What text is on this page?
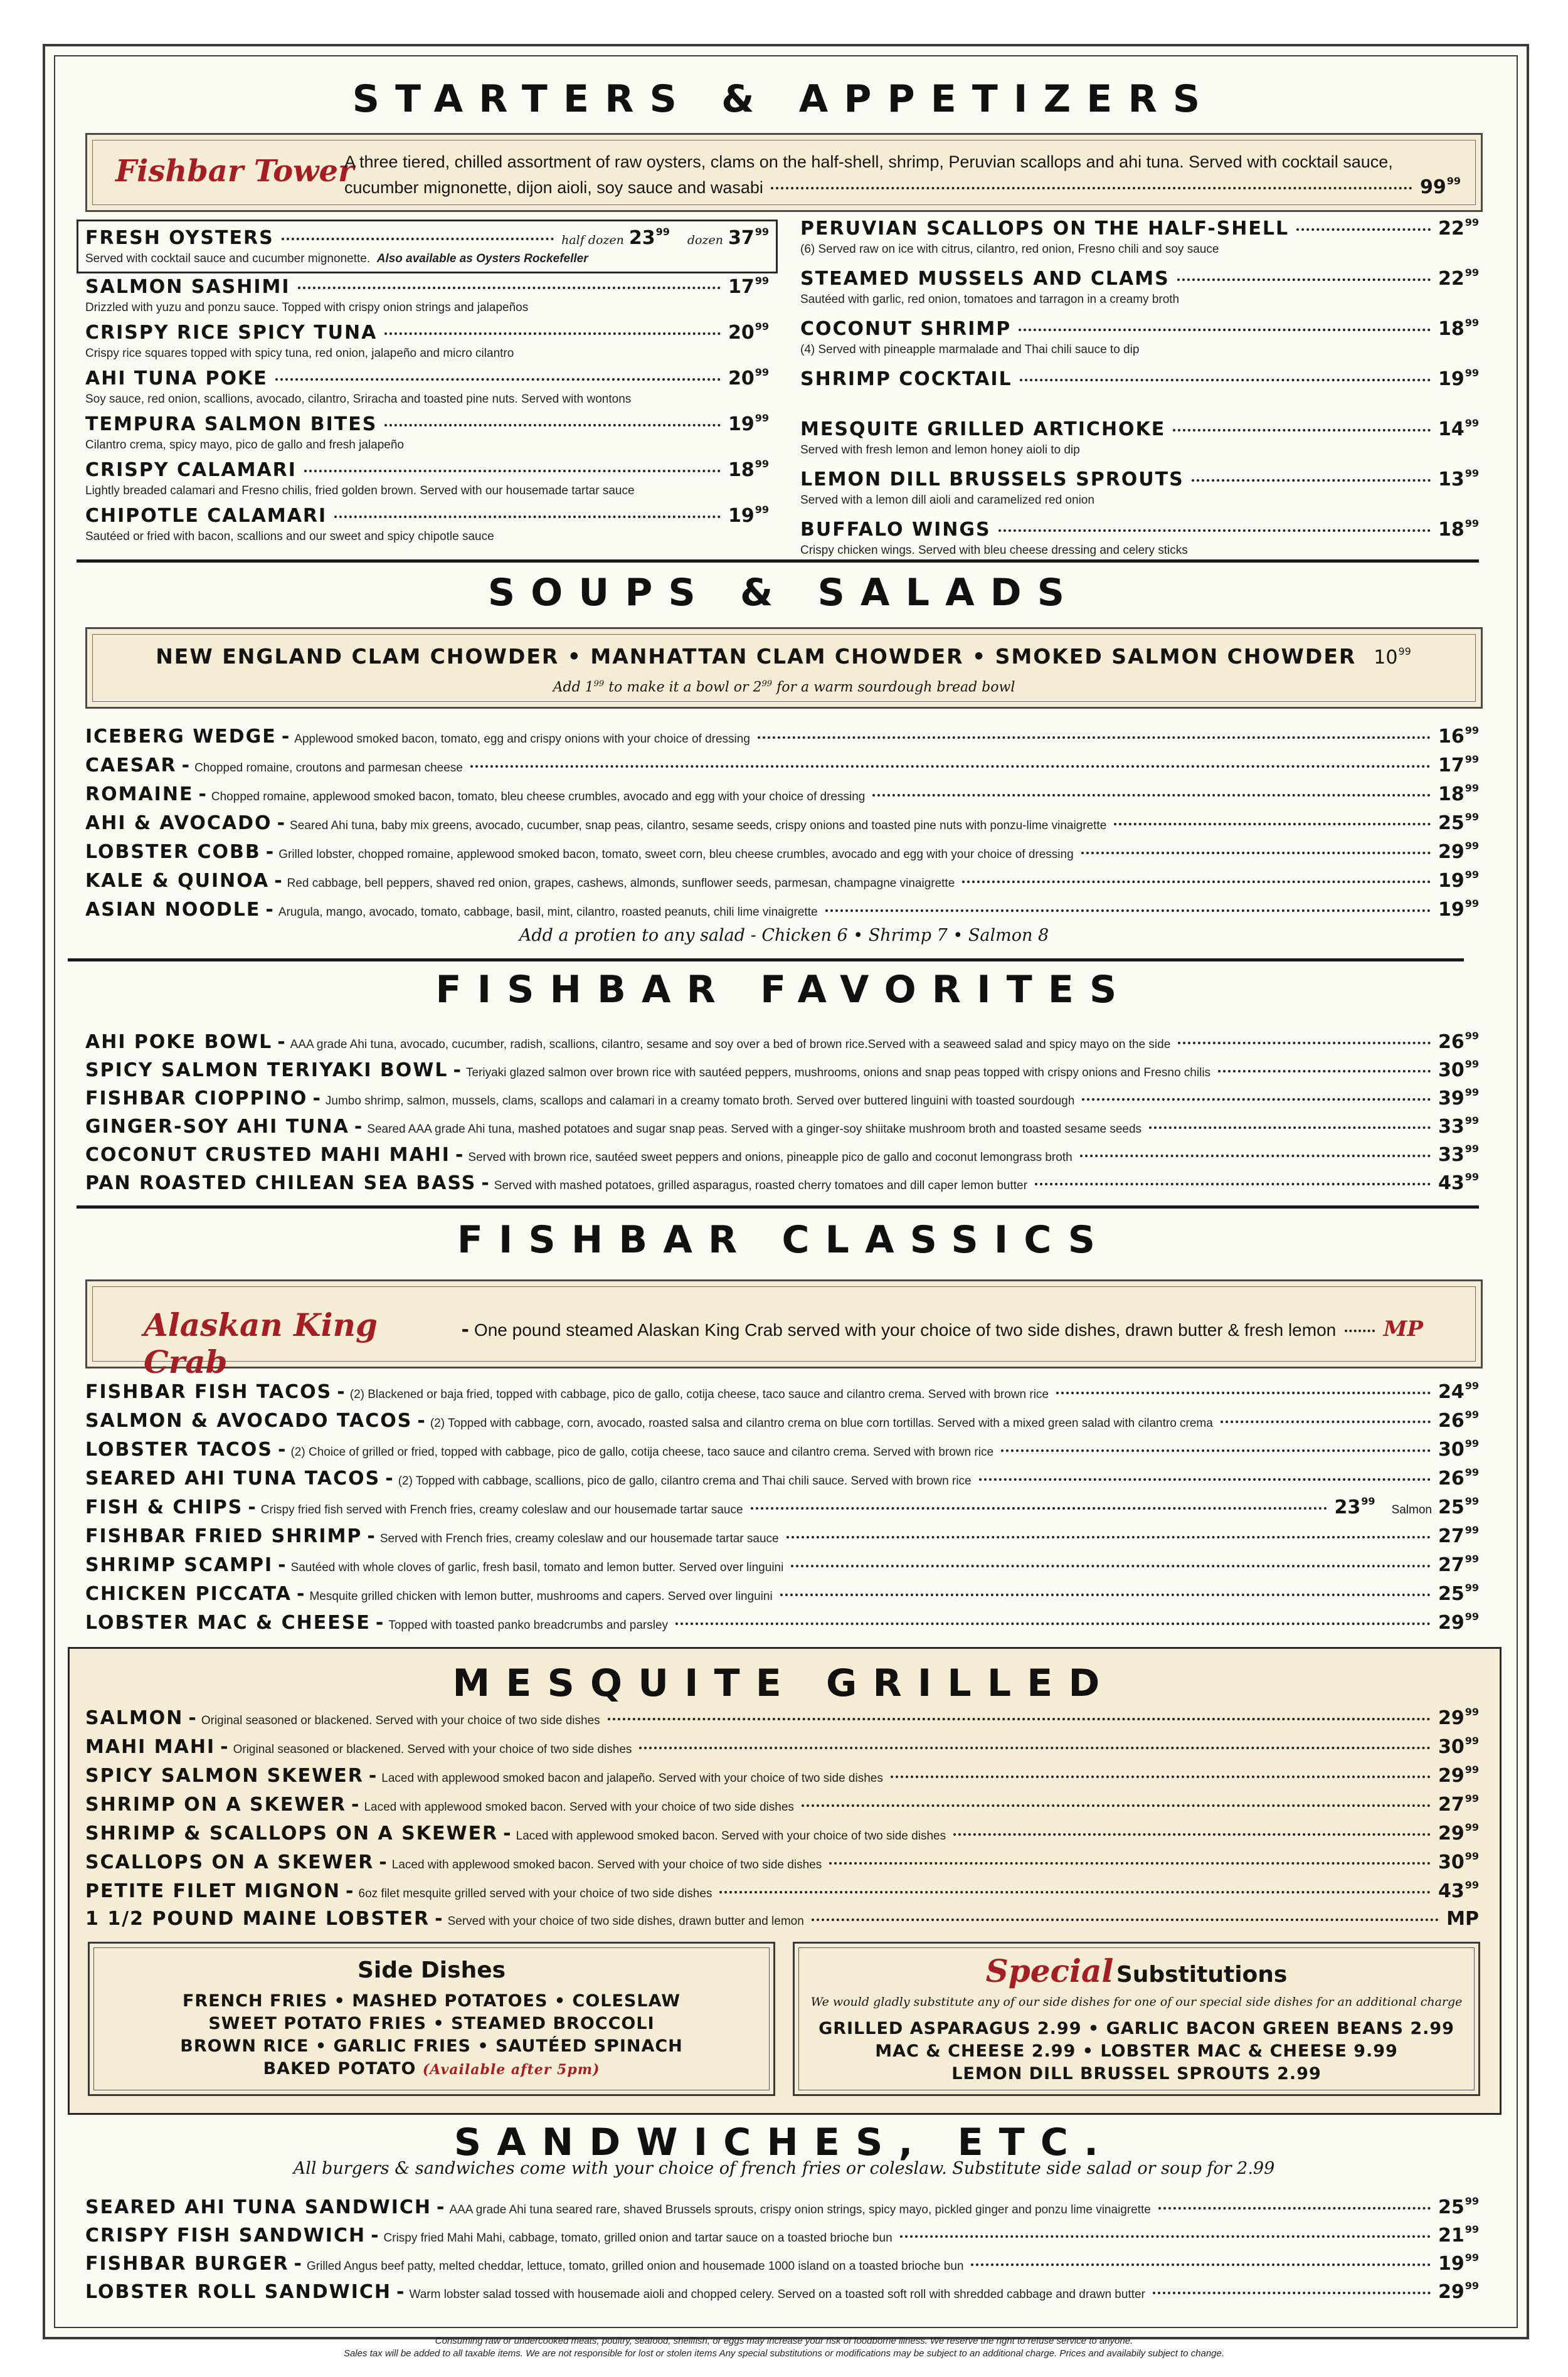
STARTERS & APPETIZERS
Fishbar Tower
A three tiered, chilled assortment of raw oysters, clams on the half-shell, shrimp, Peruvian scallops and ahi tuna. Served with cocktail sauce,
cucumber mignonette, dijon aioli, soy sauce and wasabi	$99^{99}$
FRESH OYSTERS	half dozen $23^{99}$
dozen $37^{99}$
Served with cocktail sauce and cucumber mignonette. Also available as Oysters Rockefeller
SALMON SASHIMI	$17^{99}$
Drizzled with yuzu and ponzu sauce. Topped with crispy onion strings and jalapeños
CRISPY RICE SPICY TUNA	$20^{99}$
Crispy rice squares topped with spicy tuna, red onion, jalapeño and micro cilantro
AHI TUNA POKE	$20^{99}$
Soy sauce, red onion, scallions, avocado, cilantro, Sriracha and toasted pine nuts. Served with wontons
TEMPURA SALMON BITES	$19^{99}$
Cilantro crema, spicy mayo, pico de gallo and fresh jalapeño
CRISPY CALAMARI	$18^{99}$
Lightly breaded calamari and Fresno chilis, fried golden brown. Served with our housemade tartar sauce
CHIPOTLE CALAMARI	$19^{99}$
Sautéed or fried with bacon, scallions and our sweet and spicy chipotle sauce
PERUVIAN SCALLOPS ON THE HALF-SHELL	$22^{99}$
(6) Served raw on ice with citrus, cilantro, red onion, Fresno chili and soy sauce
STEAMED MUSSELS AND CLAMS	$22^{99}$
Sautéed with garlic, red onion, tomatoes and tarragon in a creamy broth
COCONUT SHRIMP	$18^{99}$
(4) Served with pineapple marmalade and Thai chili sauce to dip
SHRIMP COCKTAIL	$19^{99}$
MESQUITE GRILLED ARTICHOKE	$14^{99}$
Served with fresh lemon and lemon honey aioli to dip
LEMON DILL BRUSSELS SPROUTS	$13^{99}$
Served with a lemon dill aioli and caramelized red onion
BUFFALO WINGS	$18^{99}$
Crispy chicken wings. Served with bleu cheese dressing and celery sticks
SOUPS & SALADS
NEW ENGLAND CLAM CHOWDER • MANHATTAN CLAM CHOWDER • SMOKED SALMON CHOWDER $10^{99}$
Add $1^{99}$ to make it a bowl or $2^{99}$ for a warm sourdough bread bowl
ICEBERG WEDGE - Applewood smoked bacon, tomato, egg and crispy onions with your choice of dressing	$16^{99}$
CAESAR - Chopped romaine, croutons and parmesan cheese	$17^{99}$
ROMAINE - Chopped romaine, applewood smoked bacon, tomato, bleu cheese crumbles, avocado and egg with your choice of dressing	$18^{99}$
AHI & AVOCADO - Seared Ahi tuna, baby mix greens, avocado, cucumber, snap peas, cilantro, sesame seeds, crispy onions and toasted pine nuts with ponzu-lime vinaigrette	$25^{99}$
LOBSTER COBB - Grilled lobster, chopped romaine, applewood smoked bacon, tomato, sweet corn, bleu cheese crumbles, avocado and egg with your choice of dressing	$29^{99}$
KALE & QUINOA - Red cabbage, bell peppers, shaved red onion, grapes, cashews, almonds, sunflower seeds, parmesan, champagne vinaigrette	$19^{99}$
ASIAN NOODLE - Arugula, mango, avocado, tomato, cabbage, basil, mint, cilantro, roasted peanuts, chili lime vinaigrette	$19^{99}$
Add a protien to any salad - Chicken 6 • Shrimp 7 • Salmon 8
FISHBAR FAVORITES
AHI POKE BOWL - AAA grade Ahi tuna, avocado, cucumber, radish, scallions, cilantro, sesame and soy over a bed of brown rice.Served with a seaweed salad and spicy mayo on the side	$26^{99}$
SPICY SALMON TERIYAKI BOWL - Teriyaki glazed salmon over brown rice with sautéed peppers, mushrooms, onions and snap peas topped with crispy onions and Fresno chilis	$30^{99}$
FISHBAR CIOPPINO - Jumbo shrimp, salmon, mussels, clams, scallops and calamari in a creamy tomato broth. Served over buttered linguini with toasted sourdough	$39^{99}$
GINGER-SOY AHI TUNA - Seared AAA grade Ahi tuna, mashed potatoes and sugar snap peas. Served with a ginger-soy shiitake mushroom broth and toasted sesame seeds	$33^{99}$
COCONUT CRUSTED MAHI MAHI - Served with brown rice, sautéed sweet peppers and onions, pineapple pico de gallo and coconut lemongrass broth	$33^{99}$
PAN ROASTED CHILEAN SEA BASS - Served with mashed potatoes, grilled asparagus, roasted cherry tomatoes and dill caper lemon butter	$43^{99}$
FISHBAR CLASSICS
Alaskan King Crab
- One pound steamed Alaskan King Crab served with your choice of two side dishes, drawn butter & fresh lemon MP
FISHBAR FISH TACOS - (2) Blackened or baja fried, topped with cabbage, pico de gallo, cotija cheese, taco sauce and cilantro crema. Served with brown rice	$24^{99}$
SALMON & AVOCADO TACOS - (2) Topped with cabbage, corn, avocado, roasted salsa and cilantro crema on blue corn tortillas. Served with a mixed green salad with cilantro crema	$26^{99}$
LOBSTER TACOS - (2) Choice of grilled or fried, topped with cabbage, pico de gallo, cotija cheese, taco sauce and cilantro crema. Served with brown rice	$30^{99}$
SEARED AHI TUNA TACOS - (2) Topped with cabbage, scallions, pico de gallo, cilantro crema and Thai chili sauce. Served with brown rice	$26^{99}$
FISH & CHIPS - Crispy fried fish served with French fries, creamy coleslaw and our housemade tartar sauce	$23^{99}$
Salmon $25^{99}$
FISHBAR FRIED SHRIMP - Served with French fries, creamy coleslaw and our housemade tartar sauce	$27^{99}$
SHRIMP SCAMPI - Sautéed with whole cloves of garlic, fresh basil, tomato and lemon butter. Served over linguini	$27^{99}$
CHICKEN PICCATA - Mesquite grilled chicken with lemon butter, mushrooms and capers. Served over linguini	$25^{99}$
LOBSTER MAC & CHEESE - Topped with toasted panko breadcrumbs and parsley	$29^{99}$
MESQUITE GRILLED
SALMON - Original seasoned or blackened. Served with your choice of two side dishes	$29^{99}$
MAHI MAHI - Original seasoned or blackened. Served with your choice of two side dishes	$30^{99}$
SPICY SALMON SKEWER - Laced with applewood smoked bacon and jalapeño. Served with your choice of two side dishes	$29^{99}$
SHRIMP ON A SKEWER - Laced with applewood smoked bacon. Served with your choice of two side dishes	$27^{99}$
SHRIMP & SCALLOPS ON A SKEWER - Laced with applewood smoked bacon. Served with your choice of two side dishes	$29^{99}$
SCALLOPS ON A SKEWER - Laced with applewood smoked bacon. Served with your choice of two side dishes	$30^{99}$
PETITE FILET MIGNON - 6oz filet mesquite grilled served with your choice of two side dishes	$43^{99}$
1 1/2 POUND MAINE LOBSTER - Served with your choice of two side dishes, drawn butter and lemon	MP
Side Dishes
FRENCH FRIES • MASHED POTATOES • COLESLAW
SWEET POTATO FRIES • STEAMED BROCCOLI
BROWN RICE • GARLIC FRIES • SAUTÉED SPINACH
BAKED POTATO (Available after 5pm)
Special Substitutions
We would gladly substitute any of our side dishes for one of our special side dishes for an additional charge
GRILLED ASPARAGUS 2.99 • GARLIC BACON GREEN BEANS 2.99
MAC & CHEESE 2.99 • LOBSTER MAC & CHEESE 9.99
LEMON DILL BRUSSEL SPROUTS 2.99
SANDWICHES, ETC.
All burgers & sandwiches come with your choice of french fries or coleslaw. Substitute side salad or soup for 2.99
SEARED AHI TUNA SANDWICH - AAA grade Ahi tuna seared rare, shaved Brussels sprouts, crispy onion strings, spicy mayo, pickled ginger and ponzu lime vinaigrette	$25^{99}$
CRISPY FISH SANDWICH - Crispy fried Mahi Mahi, cabbage, tomato, grilled onion and tartar sauce on a toasted brioche bun	$21^{99}$
FISHBAR BURGER - Grilled Angus beef patty, melted cheddar, lettuce, tomato, grilled onion and housemade 1000 island on a toasted brioche bun	$19^{99}$
LOBSTER ROLL SANDWICH - Warm lobster salad tossed with housemade aioli and chopped celery. Served on a toasted soft roll with shredded cabbage and drawn butter	$29^{99}$
Consuming raw or undercooked meats, poultry, seafood, shellfish, or eggs may increase your risk of foodborne illness. We reserve the right to refuse service to anyone.
Sales tax will be added to all taxable items. We are not responsible for lost or stolen items Any special substitutions or modifications may be subject to an additional charge. Prices and availabily subject to change.
